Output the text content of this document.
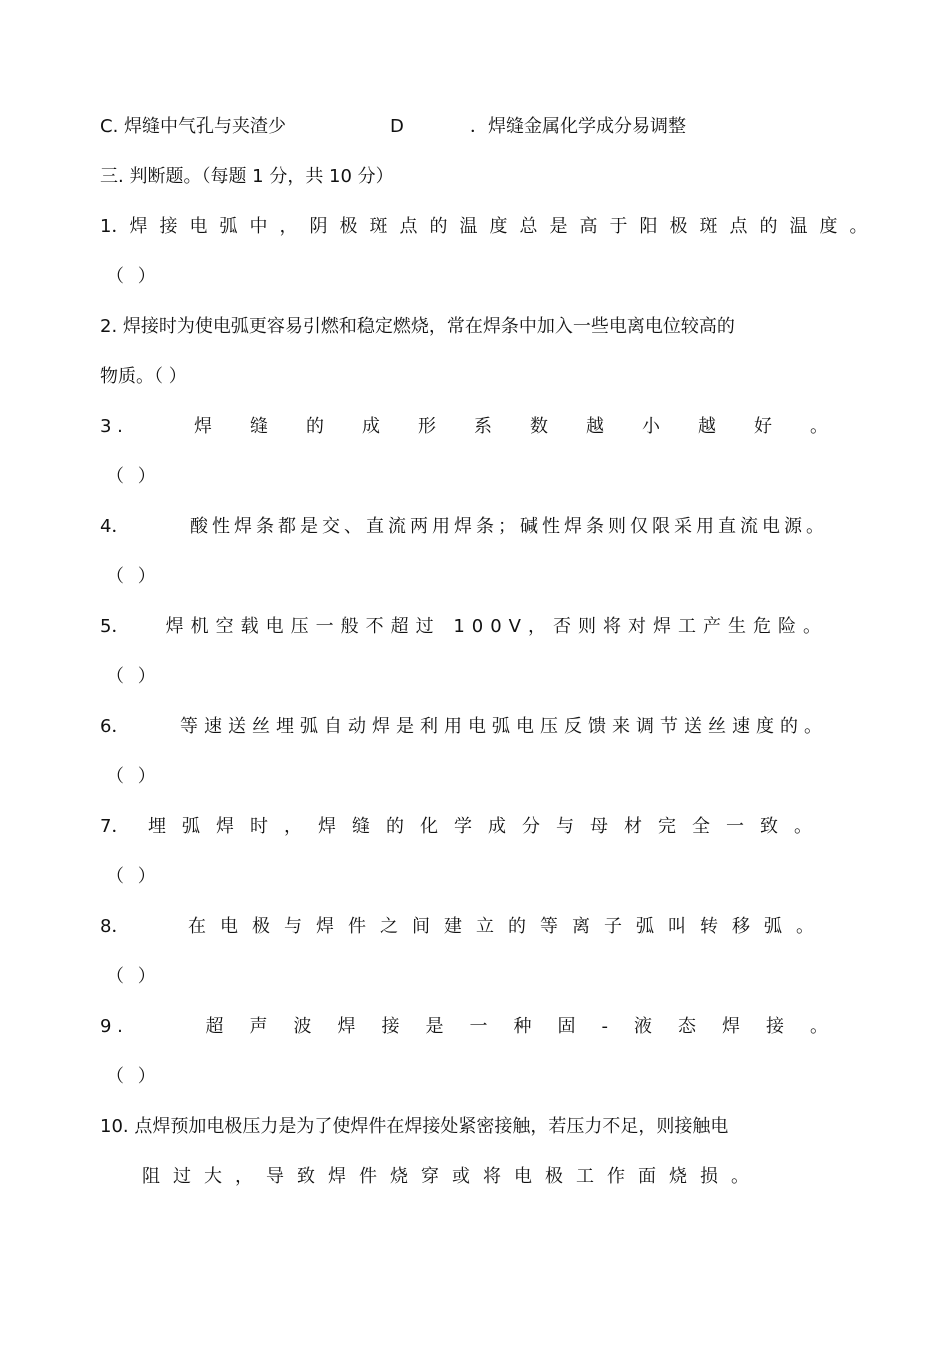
C. 焊缝中气孔与夹渣少	D	．焊缝金属化学成分易调整
三. 判断题。（每题 1 分，共 10 分）
1． 焊接电弧中，阴极斑点的温度总是高于阳极斑点的温度。
（ ）
2. 焊接时为使电弧更容易引燃和稳定燃烧，常在焊条中加入一些电离电位较高的
物质。（ ）
3 .	焊缝的成形系数越小越好。
（ ）
4．	酸性焊条都是交、直流两用焊条；碱性焊条则仅限采用直流电源。
（ ）
5． 焊机空载电压一般不超过 100V，否则将对焊工产生危险。
（ ）
6．	等速送丝埋弧自动焊是利用电弧电压反馈来调节送丝速度的。
（ ）
7． 埋弧焊时，焊缝的化学成分与母材完全一致。
（ ）
8．	在电极与焊件之间建立的等离子弧叫转移弧。
（ ）
9 .	超声波焊接是一种固-液态焊接。
（ ）
10. 点焊预加电极压力是为了使焊件在焊接处紧密接触，若压力不足，则接触电
阻过大，导致焊件烧穿或将电极工作面烧损。
